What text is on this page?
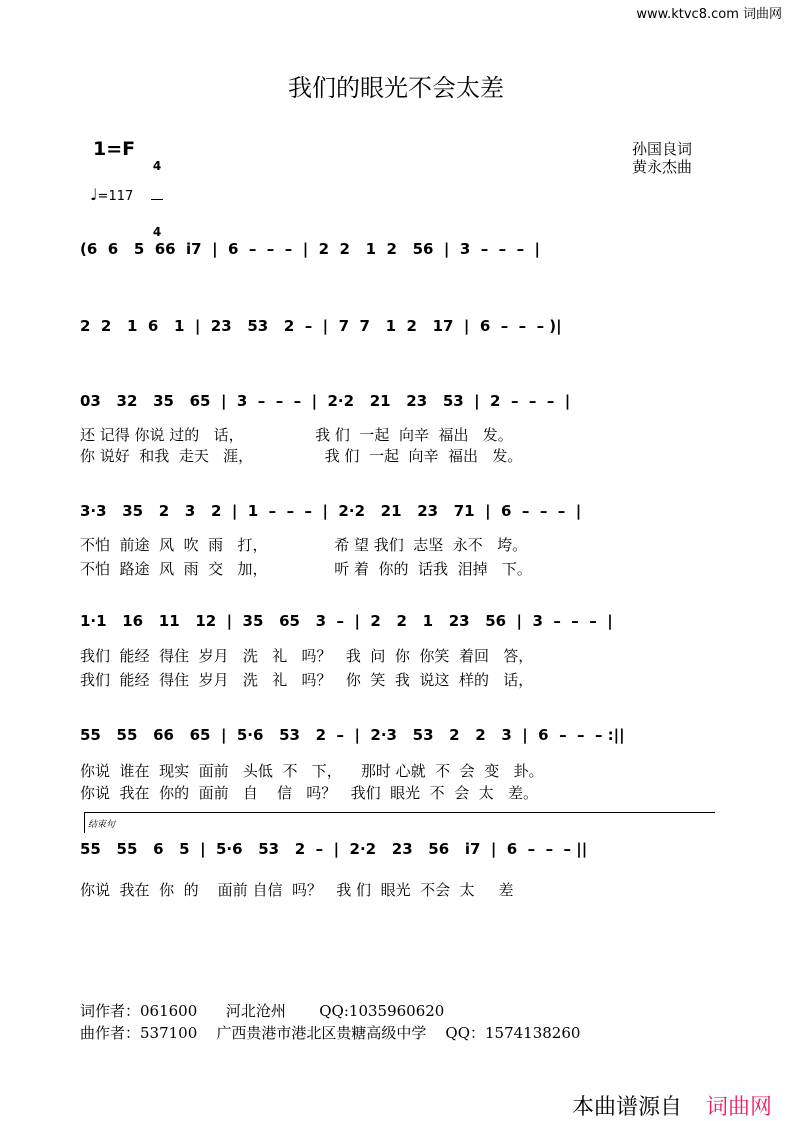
www.ktvc8.com 词曲网
我们的眼光不会太差
1=F

4

4

孙国良词
黄永杰曲
♩=117
(6  6   5  66  i7  |  6  –  –  –  |  2  2   1  2   56  |  3  –  –  –  |
2  2   1  6   1  |  23   53   2  –  |  7  7   1  2   17  |  6  –  –  – )|
03   32   35   65  |  3  –  –  –  |  2·2   21   23   53  |  2  –  –  –  |
还 记得 你说 过的   话，               我 们  一起  向辛  福出   发。
你 说好  和我  走天   涯，               我 们  一起  向辛  福出   发。
3·3   35   2   3   2  |  1  –  –  –  |  2·2   21   23   71  |  6  –  –  –  |
不怕  前途  风  吹  雨   打，              希 望 我们  志坚  永不   垮。
不怕  路途  风  雨  交   加，              听 着  你的  话我  泪掉   下。
1·1   16   11   12  |  35   65   3  –  |  2   2   1   23   56  |  3  –  –  –  |
我们  能经  得住  岁月   洗   礼   吗？   我  问  你  你笑  着回   答，
我们  能经  得住  岁月   洗   礼   吗？   你  笑  我  说这  样的   话，
55   55   66   65  |  5·6   53   2  –  |  2·3   53   2   2   3  |  6  –  –  – :||
你说  谁在  现实  面前   头低  不   下，    那时 心就  不  会  变   卦。
你说  我在  你的  面前   自    信   吗？   我们  眼光  不  会  太   差。
结束句
55   55   6   5  |  5·6   53   2  –  |  2·2   23   56   i7  |  6  –  –  – ||
你说  我在  你  的    面前 自信  吗？   我 们  眼光  不会  太     差
词作者：061600      河北沧州       QQ:1035960620
曲作者：537100    广西贵港市港北区贵糖高级中学    QQ：1574138260
本曲谱源自 词曲网
